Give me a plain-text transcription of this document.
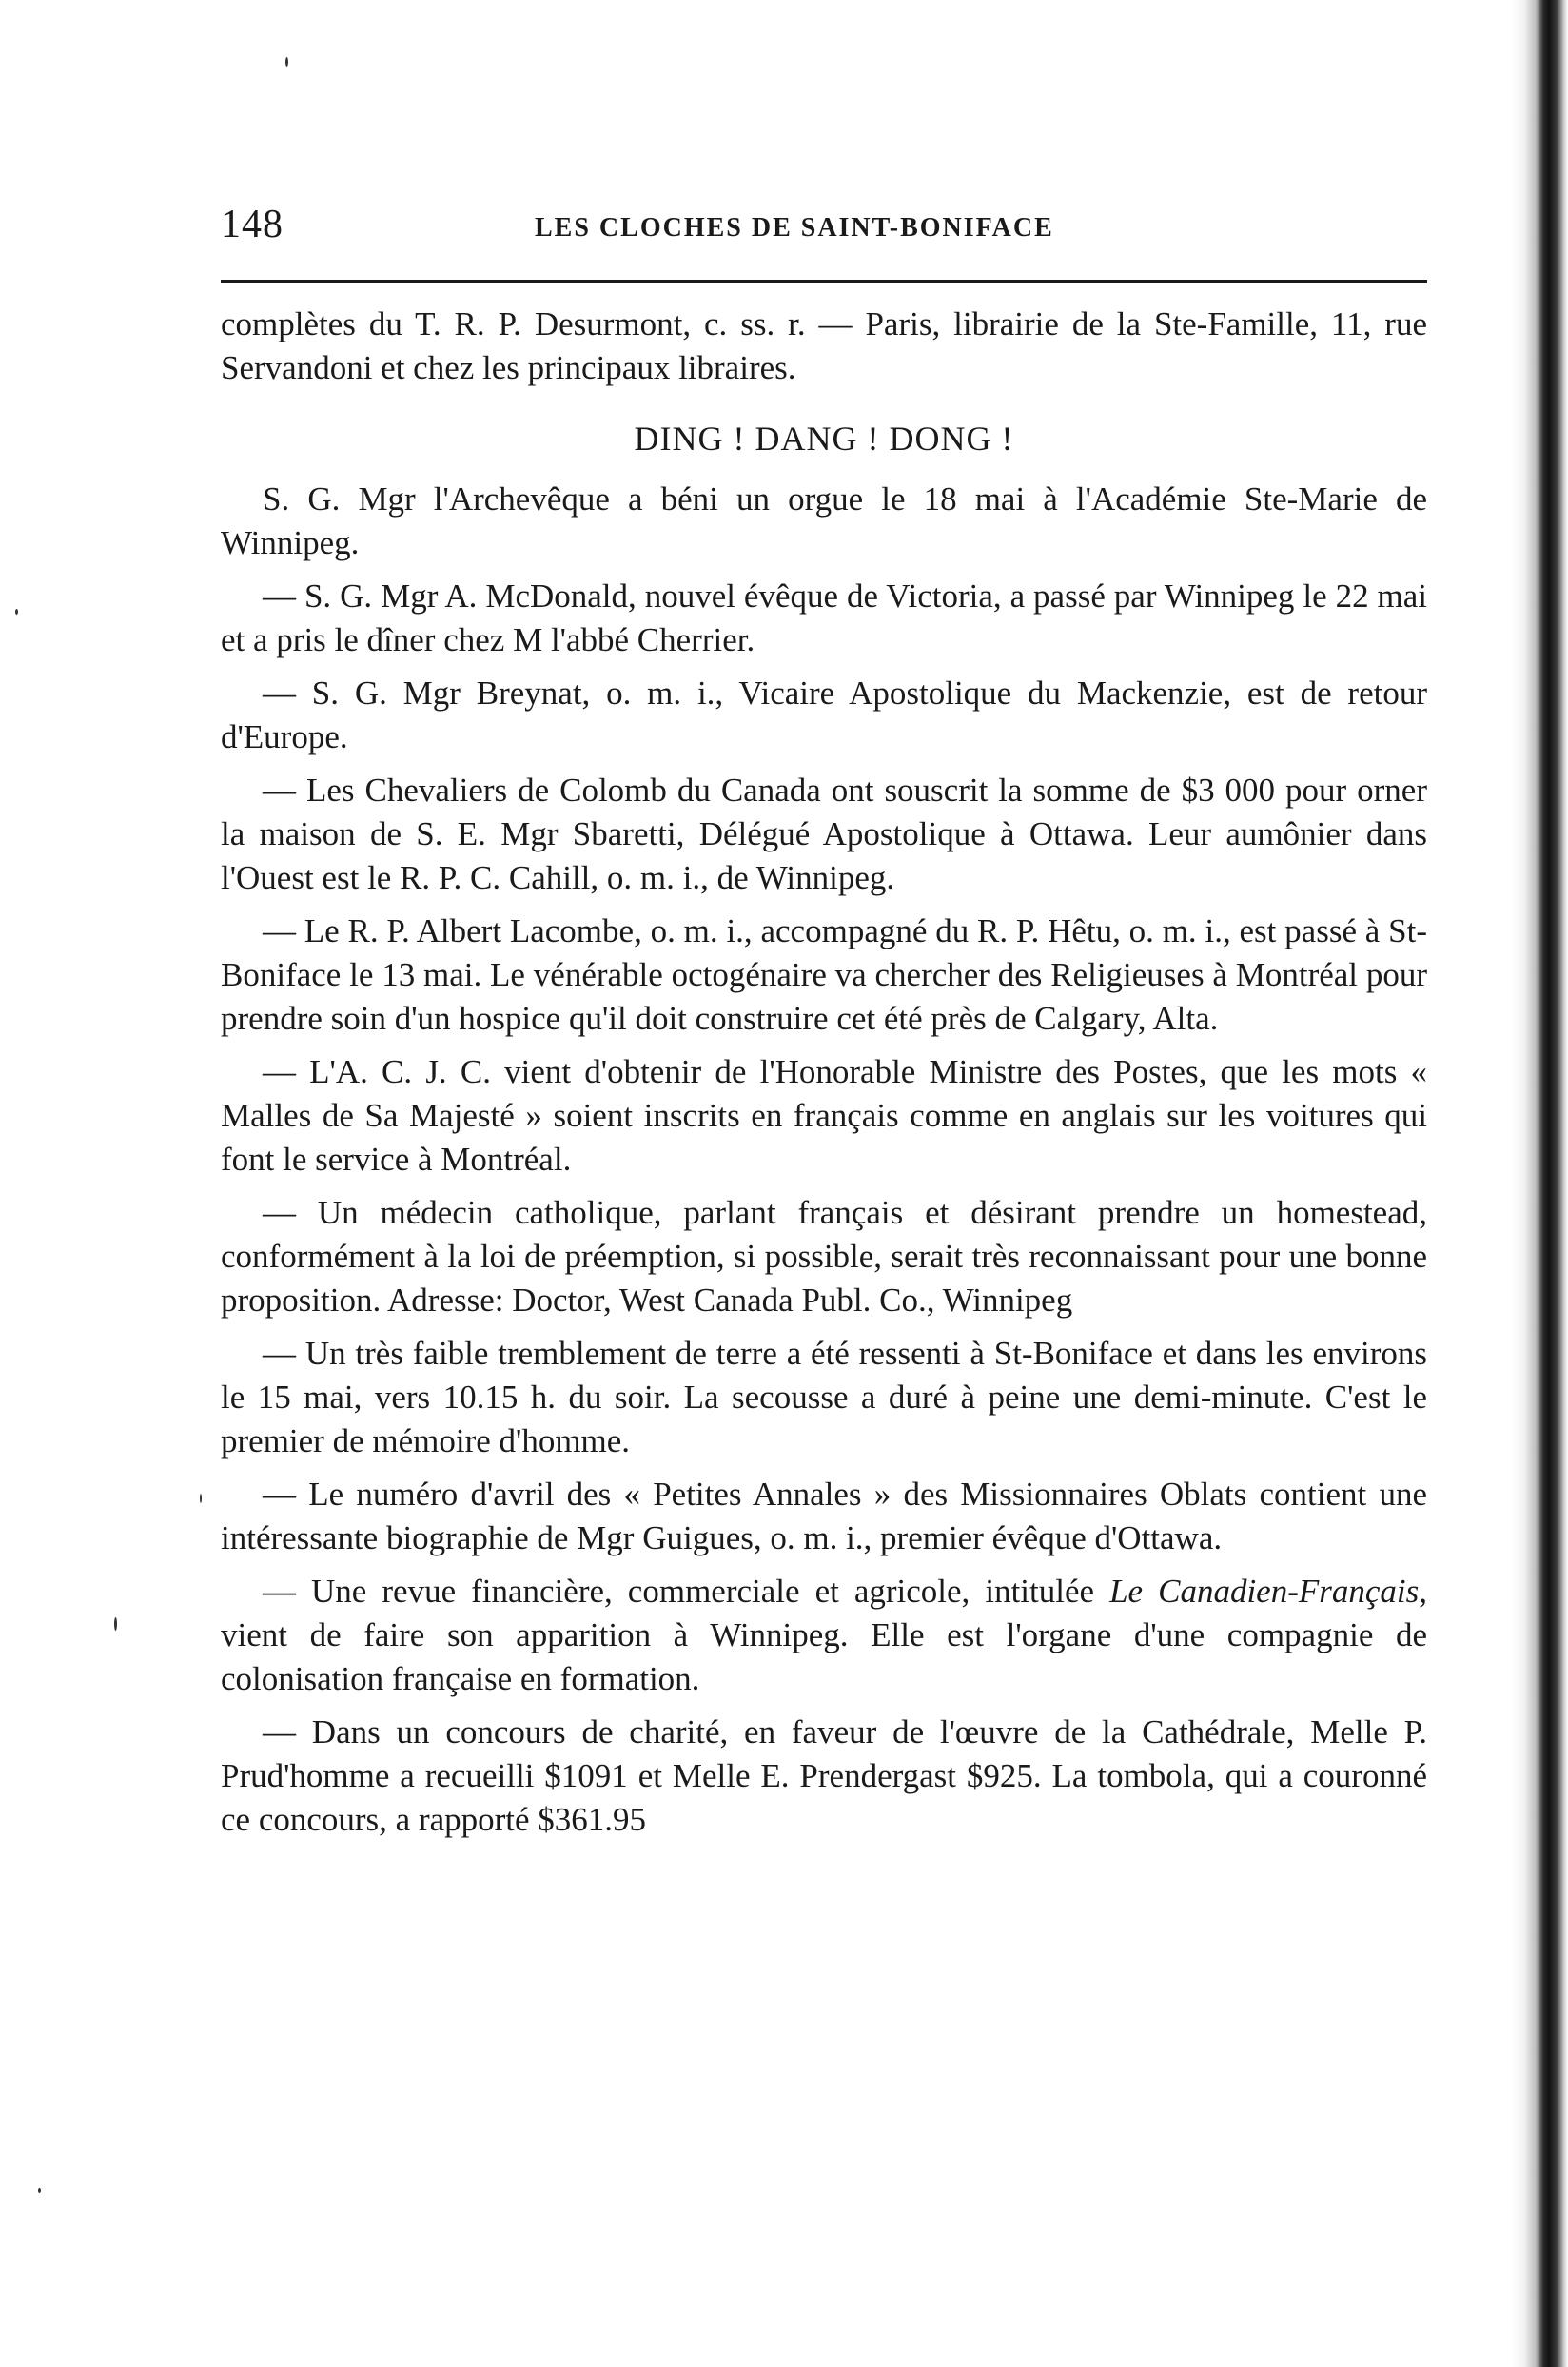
148	LES CLOCHES DE SAINT-BONIFACE

complètes du T. R. P. Desurmont, c. ss. r. — Paris, librairie de la Ste-Famille, 11, rue Servandoni et chez les principaux libraires.

DING ! DANG ! DONG !

S. G. Mgr l'Archevêque a béni un orgue le 18 mai à l'Académie Ste-Marie de Winnipeg.

— S. G. Mgr A. McDonald, nouvel évêque de Victoria, a passé par Winnipeg le 22 mai et a pris le dîner chez M l'abbé Cherrier.

— S. G. Mgr Breynat, o. m. i., Vicaire Apostolique du Mackenzie, est de retour d'Europe.

— Les Chevaliers de Colomb du Canada ont souscrit la somme de $3 000 pour orner la maison de S. E. Mgr Sbaretti, Délégué Apostolique à Ottawa. Leur aumônier dans l'Ouest est le R. P. C. Cahill, o. m. i., de Winnipeg.

— Le R. P. Albert Lacombe, o. m. i., accompagné du R. P. Hêtu, o. m. i., est passé à St-Boniface le 13 mai. Le vénérable octogénaire va chercher des Religieuses à Montréal pour prendre soin d'un hospice qu'il doit construire cet été près de Calgary, Alta.

— L'A. C. J. C. vient d'obtenir de l'Honorable Ministre des Postes, que les mots « Malles de Sa Majesté » soient inscrits en français comme en anglais sur les voitures qui font le service à Montréal.

— Un médecin catholique, parlant français et désirant prendre un homestead, conformément à la loi de préemption, si possible, serait très reconnaissant pour une bonne proposition. Adresse: Doctor, West Canada Publ. Co., Winnipeg

— Un très faible tremblement de terre a été ressenti à St-Boniface et dans les environs le 15 mai, vers 10.15 h. du soir. La secousse a duré à peine une demi-minute. C'est le premier de mémoire d'homme.

— Le numéro d'avril des « Petites Annales » des Missionnaires Oblats contient une intéressante biographie de Mgr Guigues, o. m. i., premier évêque d'Ottawa.

— Une revue financière, commerciale et agricole, intitulée Le Canadien-Français, vient de faire son apparition à Winnipeg. Elle est l'organe d'une compagnie de colonisation française en formation.

— Dans un concours de charité, en faveur de l'œuvre de la Cathédrale, Melle P. Prud'homme a recueilli $1091 et Melle E. Prendergast $925. La tombola, qui a couronné ce concours, a rapporté $361.95
